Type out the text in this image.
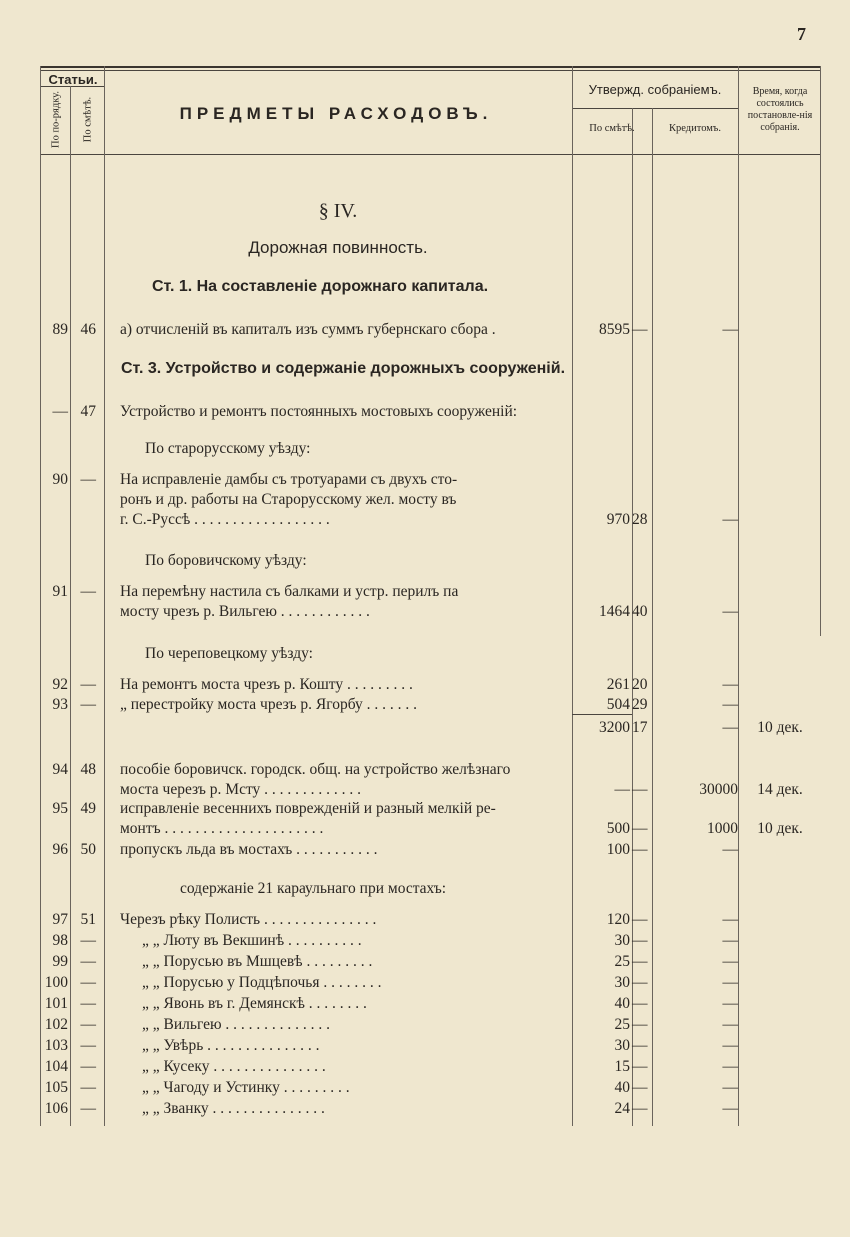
7
Статьи.
По по-рядку. По смѣтѣ.	ПРЕДМЕТЫ РАСХОДОВЪ.
Утвержд. собраніемъ.	Время, когда состоялись постановле-нія собранія.
По смѣтѣ.	Кредитомъ.
§ IV.
Дорожная повинность.
Ст. 1. На составленіе дорожнаго капитала.
Ст. 3. Устройство и содержаніе дорожныхъ сооруженій.
По старорусскому уѣзду:
По боровичскому уѣзду:
По череповецкому уѣзду:
содержаніе 21 караульнаго при мостахъ:
89 46 а) отчисленій въ капиталъ изъ суммъ губернскаго сбора .	8595 —	—
— 47 Устройство и ремонтъ постоянныхъ мостовыхъ сооруженій:
90 — На исправленіе дамбы съ тротуарами съ двухъ сто-
ронъ и др. работы на Старорусскому жел. мосту въ
г. С.-Руссѣ . . . . . . . . . . . . . . . . . .	970 28	—
91 — На перемѣну настила съ балками и устр. перилъ па
мосту чрезъ р. Вильгею . . . . . . . . . . . .	1464 40	—
92 — На ремонтъ моста чрезъ р. Кошту . . . . . . . . .	261 20	—
93 — „ перестройку моста чрезъ р. Ягорбу . . . . . . .	504 29	—
3200 17	—	10 дек.
94 48 пособіе боровичск. городск. общ. на устройство желѣзнаго
моста черезъ р. Мсту . . . . . . . . . . . . .	— —	30000	14 дек.
95 49 исправленіе весеннихъ поврежденій и разный мелкій ре-
монтъ . . . . . . . . . . . . . . . . . . . . .	500 —	1000	10 дек.
96 50 пропускъ льда въ мостахъ . . . . . . . . . . .	100 —	—
97 51 Черезъ рѣку Полисть . . . . . . . . . . . . . . .	120 —	—
98 —	„ „ Люту въ Векшинѣ . . . . . . . . . .	30 —	—
99 —	„ „ Порусью въ Мшцевѣ . . . . . . . . .	25 —	—
100 —	„ „ Порусью у Подцѣпочья . . . . . . . .	30 —	—
101 —	„ „ Явонь въ г. Демянскѣ . . . . . . . .	40 —	—
102 —	„ „ Вильгею . . . . . . . . . . . . . .	25 —	—
103 —	„ „ Увѣрь . . . . . . . . . . . . . . .	30 —	—
104 —	„ „ Кусеку . . . . . . . . . . . . . . .	15 —	—
105 —	„ „ Чагоду и Устинку . . . . . . . . .	40 —	—
106 —	„ „ Званку . . . . . . . . . . . . . . .	24 —	—
